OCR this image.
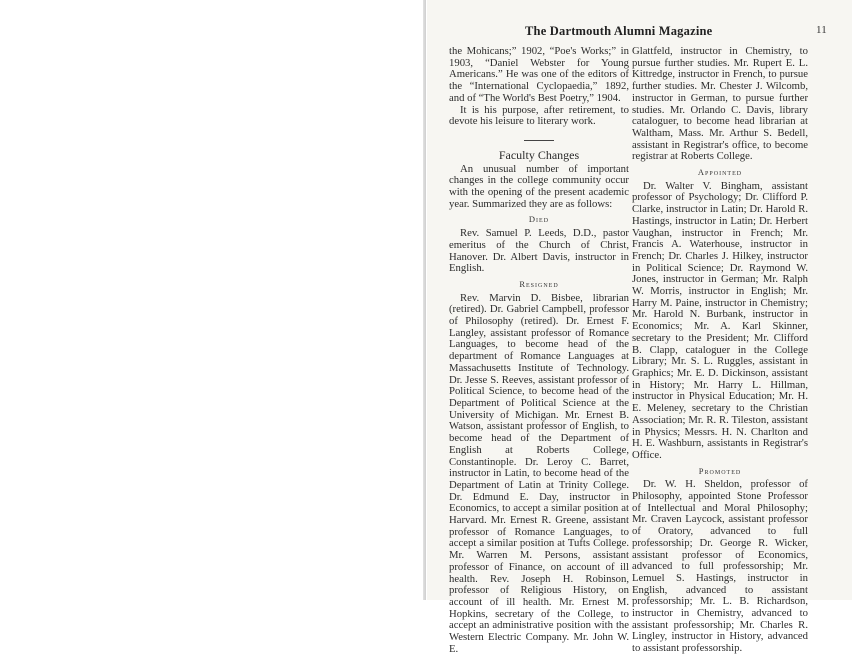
The Dartmouth Alumni Magazine	11

the Mohicans;” 1902, “Poe's Works;” in 1903, “Daniel Webster for Young Americans.” He was one of the editors of the “International Cyclopaedia,” 1892, and of “The World's Best Poetry,” 1904.

It is his purpose, after retirement, to devote his leisure to literary work.

Faculty Changes

An unusual number of important changes in the college community occur with the opening of the present academic year. Summarized they are as follows:

Died

Rev. Samuel P. Leeds, D.D., pastor emeritus of the Church of Christ, Hanover. Dr. Albert Davis, instructor in English.

Resigned

Rev. Marvin D. Bisbee, librarian (retired). Dr. Gabriel Campbell, professor of Philosophy (retired). Dr. Ernest F. Langley, assistant professor of Romance Languages, to become head of the department of Romance Languages at Massachusetts Institute of Technology. Dr. Jesse S. Reeves, assistant professor of Political Science, to become head of the Department of Political Science at the University of Michigan. Mr. Ernest B. Watson, assistant professor of English, to become head of the Department of English at Roberts College, Constantinople. Dr. Leroy C. Barret, instructor in Latin, to become head of the Department of Latin at Trinity College. Dr. Edmund E. Day, instructor in Economics, to accept a similar position at Harvard. Mr. Ernest R. Greene, assistant professor of Romance Languages, to accept a similar position at Tufts College. Mr. Warren M. Persons, assistant professor of Finance, on account of ill health. Rev. Joseph H. Robinson, professor of Religious History, on account of ill health. Mr. Ernest M. Hopkins, secretary of the College, to accept an administrative position with the Western Electric Company. Mr. John W. E.

Glattfeld, instructor in Chemistry, to pursue further studies. Mr. Rupert E. L. Kittredge, instructor in French, to pursue further studies. Mr. Chester J. Wilcomb, instructor in German, to pursue further studies. Mr. Orlando C. Davis, library cataloguer, to become head librarian at Waltham, Mass. Mr. Arthur S. Bedell, assistant in Registrar's office, to become registrar at Roberts College.

Appointed

Dr. Walter V. Bingham, assistant professor of Psychology; Dr. Clifford P. Clarke, instructor in Latin; Dr. Harold R. Hastings, instructor in Latin; Dr. Herbert Vaughan, instructor in French; Mr. Francis A. Waterhouse, instructor in French; Dr. Charles J. Hilkey, instructor in Political Science; Dr. Raymond W. Jones, instructor in German; Mr. Ralph W. Morris, instructor in English; Mr. Harry M. Paine, instructor in Chemistry; Mr. Harold N. Burbank, instructor in Economics; Mr. A. Karl Skinner, secretary to the President; Mr. Clifford B. Clapp, cataloguer in the College Library; Mr. S. L. Ruggles, assistant in Graphics; Mr. E. D. Dickinson, assistant in History; Mr. Harry L. Hillman, instructor in Physical Education; Mr. H. E. Meleney, secretary to the Christian Association; Mr. R. R. Tileston, assistant in Physics; Messrs. H. N. Charlton and H. E. Washburn, assistants in Registrar's Office.

Promoted

Dr. W. H. Sheldon, professor of Philosophy, appointed Stone Professor of Intellectual and Moral Philosophy; Mr. Craven Laycock, assistant professor of Oratory, advanced to full professorship; Dr. George R. Wicker, assistant professor of Economics, advanced to full professorship; Mr. Lemuel S. Hastings, instructor in English, advanced to assistant professorship; Mr. L. B. Richardson, instructor in Chemistry, advanced to assistant professorship; Mr. Charles R. Lingley, instructor in History, advanced to assistant professorship.
